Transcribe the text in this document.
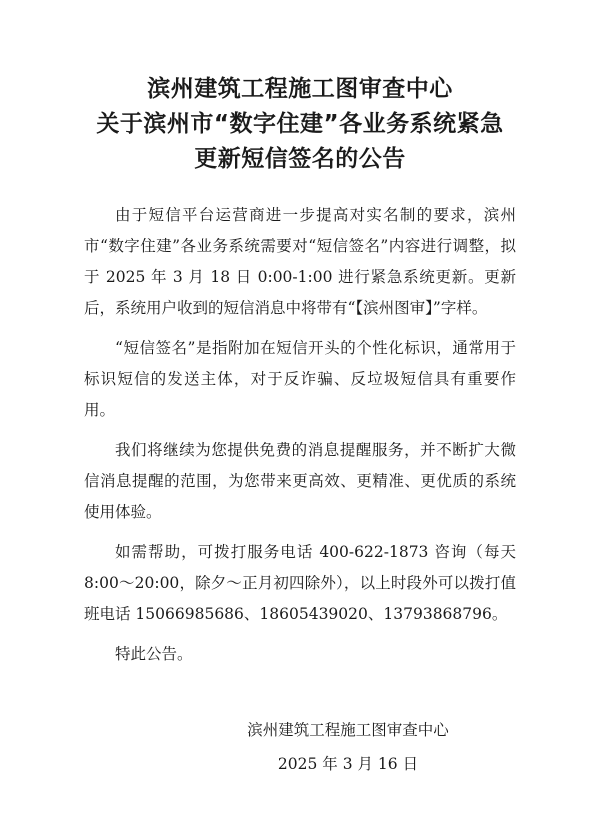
滨州建筑工程施工图审查中心
关于滨州市“数字住建”各业务系统紧急
更新短信签名的公告

由于短信平台运营商进一步提高对实名制的要求，滨州市“数字住建”各业务系统需要对“短信签名”内容进行调整，拟于 2025 年 3 月 18 日 0:00-1:00 进行紧急系统更新。更新后，系统用户收到的短信消息中将带有“【滨州图审】”字样。

“短信签名”是指附加在短信开头的个性化标识，通常用于标识短信的发送主体，对于反诈骗、反垃圾短信具有重要作用。

我们将继续为您提供免费的消息提醒服务，并不断扩大微信消息提醒的范围，为您带来更高效、更精准、更优质的系统使用体验。

如需帮助，可拨打服务电话 400-622-1873 咨询（每天 8:00～20:00，除夕～正月初四除外），以上时段外可以拨打值班电话 15066985686、18605439020、13793868796。

特此公告。

滨州建筑工程施工图审查中心

2025 年 3 月 16 日
